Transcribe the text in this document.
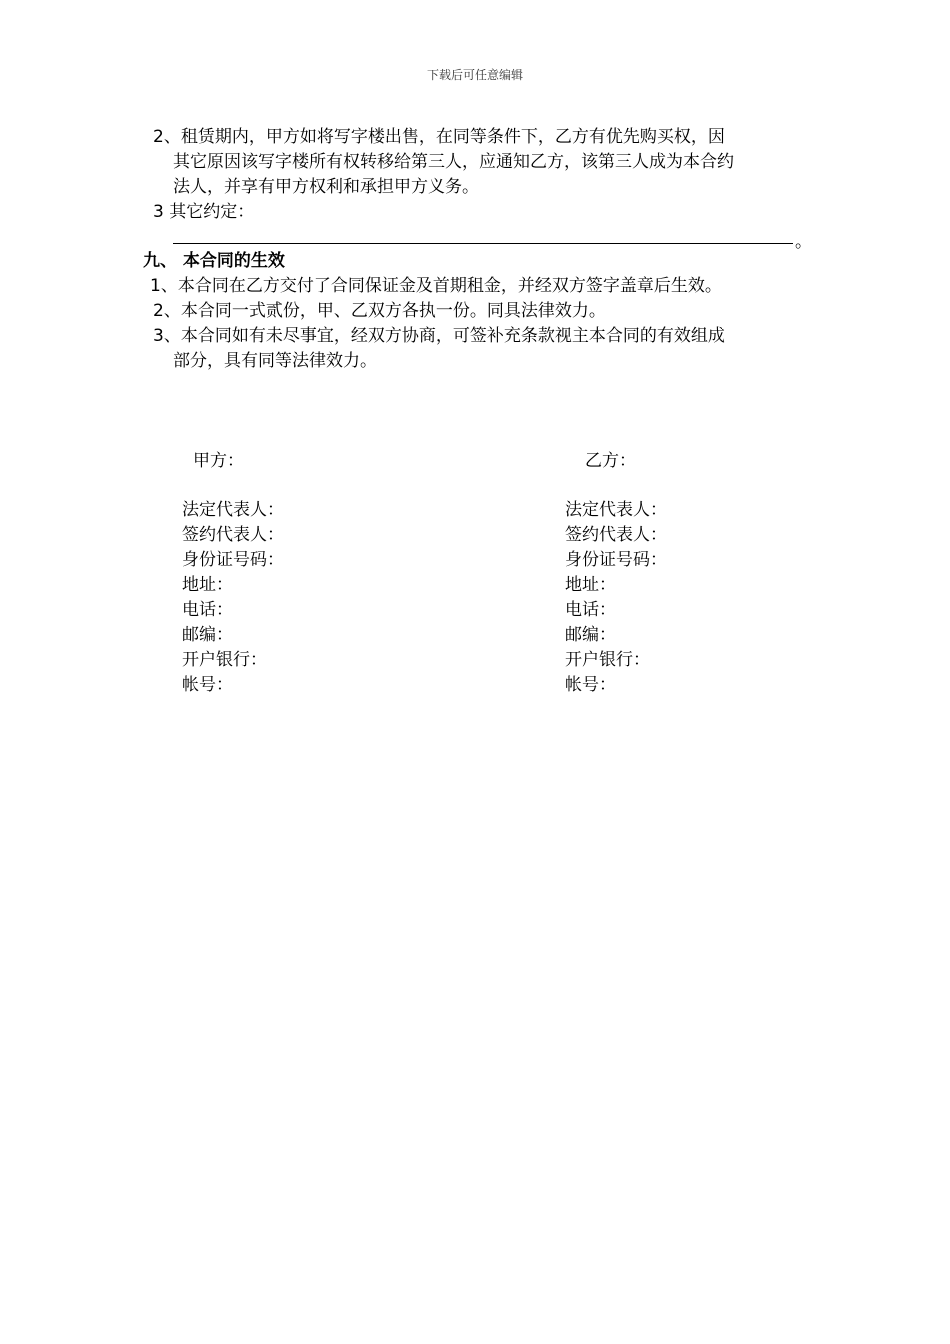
下载后可任意编辑
2、租赁期内，甲方如将写字楼出售，在同等条件下，乙方有优先购买权，因
其它原因该写字楼所有权转移给第三人，应通知乙方，该第三人成为本合约
法人，并享有甲方权利和承担甲方义务。
3 其它约定：
。
九、 本合同的生效
1、本合同在乙方交付了合同保证金及首期租金，并经双方签字盖章后生效。
2、本合同一式贰份，甲、乙双方各执一份。同具法律效力。
3、本合同如有未尽事宜，经双方协商，可签补充条款视主本合同的有效组成
部分，具有同等法律效力。
甲方：	乙方：
法定代表人：
签约代表人：
身份证号码：
地址：
电话：
邮编：
开户银行：
帐号：
法定代表人：
签约代表人：
身份证号码：
地址：
电话：
邮编：
开户银行：
帐号：
